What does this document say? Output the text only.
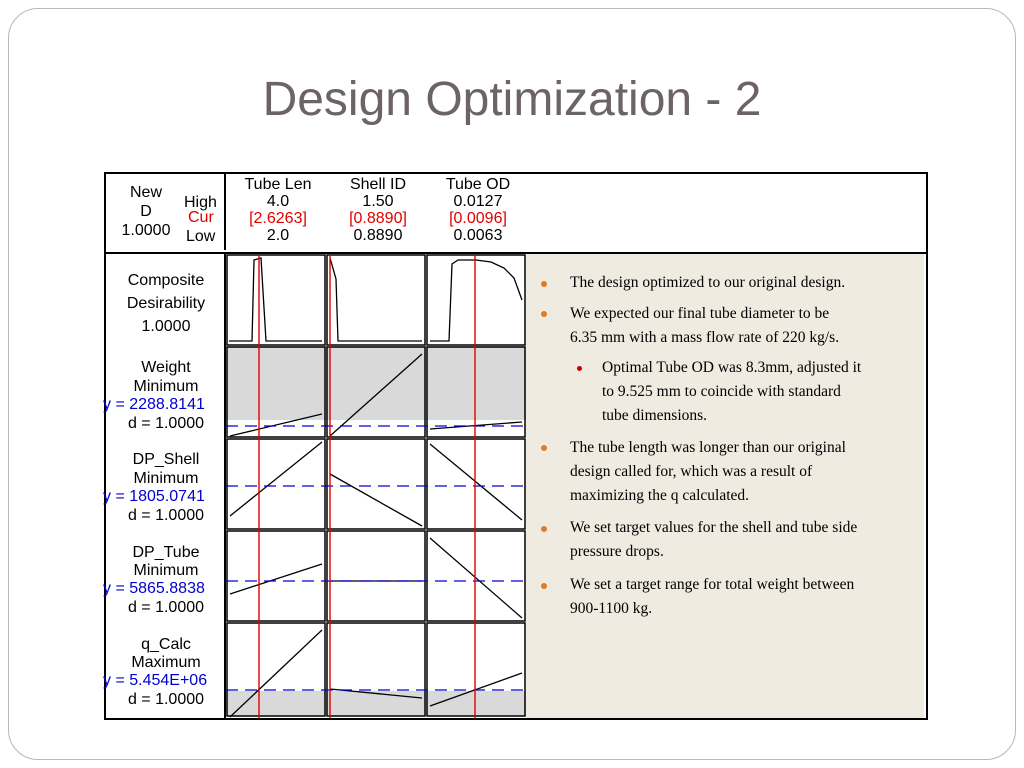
Design Optimization - 2
New
D
1.0000
High
Cur
Low
Tube Len
4.0
[2.6263]
2.0
Shell ID
1.50
[0.8890]
0.8890
Tube OD
0.0127
[0.0096]
0.0063
Composite
Desirability
1.0000
Weight
Minimum
y = 2288.8141
d = 1.0000
DP_Shell
Minimum
y = 1805.0741
d = 1.0000
DP_Tube
Minimum
y = 5865.8838
d = 1.0000
q_Calc
Maximum
y = 5.454E+06
d = 1.0000
The design optimized to our original design.
We expected our final tube diameter to be
6.35 mm with a mass flow rate of 220 kg/s.
Optimal Tube OD was 8.3mm, adjusted it
to 9.525 mm to coincide with standard
tube dimensions.
The tube length was longer than our original
design called for, which was a result of
maximizing the q calculated.
We set target values for the shell and tube side
pressure drops.
We set a target range for total weight between
900-1100 kg.
